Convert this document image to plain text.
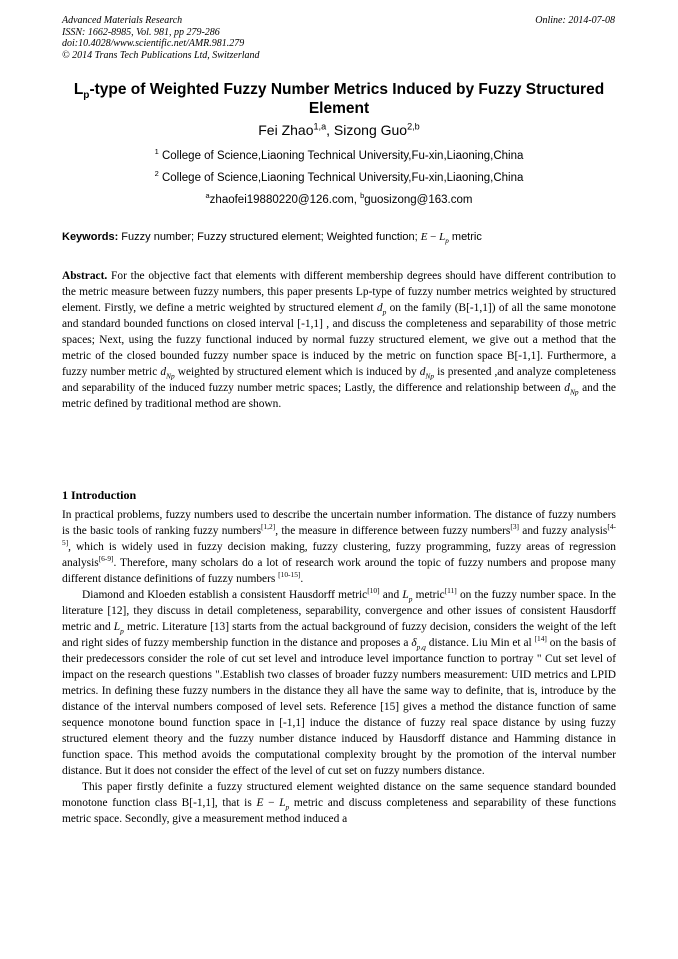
Advanced Materials Research
ISSN: 1662-8985, Vol. 981, pp 279-286
doi:10.4028/www.scientific.net/AMR.981.279
© 2014 Trans Tech Publications Ltd, Switzerland
Online: 2014-07-08
$L_p$-type of Weighted Fuzzy Number Metrics Induced by Fuzzy Structured
Element
Fei Zhao$^{1,a}$, Sizong Guo$^{2,b}$
$^1$ College of Science,Liaoning Technical University,Fu-xin,Liaoning,China
$^2$ College of Science,Liaoning Technical University,Fu-xin,Liaoning,China
$^a$zhaofei19880220@126.com, $^b$guosizong@163.com
Keywords: Fuzzy number; Fuzzy structured element; Weighted function; $E - L_p$ metric

Abstract. For the objective fact that elements with different membership degrees should have different contribution to the metric measure between fuzzy numbers, this paper presents Lp-type of fuzzy number metrics weighted by structured element. Firstly, we define a metric weighted by structured element $d_p$ on the family (B[-1,1]) of all the same monotone and standard bounded functions on closed interval [-1,1] , and discuss the completeness and separability of those metric spaces; Next, using the fuzzy functional induced by normal fuzzy structured element, we give out a method that the metric of the closed bounded fuzzy number space is induced by the metric on function space B[-1,1]. Furthermore, a fuzzy number metric $d_{Np}$ weighted by structured element which is induced by $d_{Np}$ is presented ,and analyze completeness and separability of the induced fuzzy number metric spaces; Lastly, the difference and relationship between $d_{Np}$ and the metric defined by traditional method are shown.

1 Introduction

In practical problems, fuzzy numbers used to describe the uncertain number information. The distance of fuzzy numbers is the basic tools of ranking fuzzy numbers[1,2], the measure in difference between fuzzy numbers[3] and fuzzy analysis[4-5], which is widely used in fuzzy decision making, fuzzy clustering, fuzzy programming, fuzzy areas of regression analysis[6-9]. Therefore, many scholars do a lot of research work around the topic of fuzzy numbers and propose many different distance definitions of fuzzy numbers [10-15].

Diamond and Kloeden establish a consistent Hausdorff metric[10] and $L_p$ metric[11] on the fuzzy number space. In the literature [12], they discuss in detail completeness, separability, convergence and other issues of consistent Hausdorff metric and $L_p$ metric. Literature [13] starts from the actual background of fuzzy decision, considers the weight of the left and right sides of fuzzy membership function in the distance and proposes a $\delta_{p,q}$ distance. Liu Min et al [14] on the basis of their predecessors consider the role of cut set level and introduce level importance function to portray " Cut set level of impact on the research questions ".Establish two classes of broader fuzzy numbers measurement: UID metrics and LPID metrics. In defining these fuzzy numbers in the distance they all have the same way to definite, that is, introduce by the distance of the interval numbers composed of level sets. Reference [15] gives a method the distance function of same sequence monotone bound function space in [-1,1] induce the distance of fuzzy real space distance by using fuzzy structured element theory and the fuzzy number distance induced by Hausdorff distance and Hamming distance in function space. This method avoids the computational complexity brought by the promotion of the interval number distance. But it does not consider the effect of the level of cut set on fuzzy numbers distance.

This paper firstly definite a fuzzy structured element weighted distance on the same sequence standard bounded monotone function class B[-1,1], that is $E - L_p$ metric and discuss completeness and separability of these functions metric space. Secondly, give a measurement method induced a
